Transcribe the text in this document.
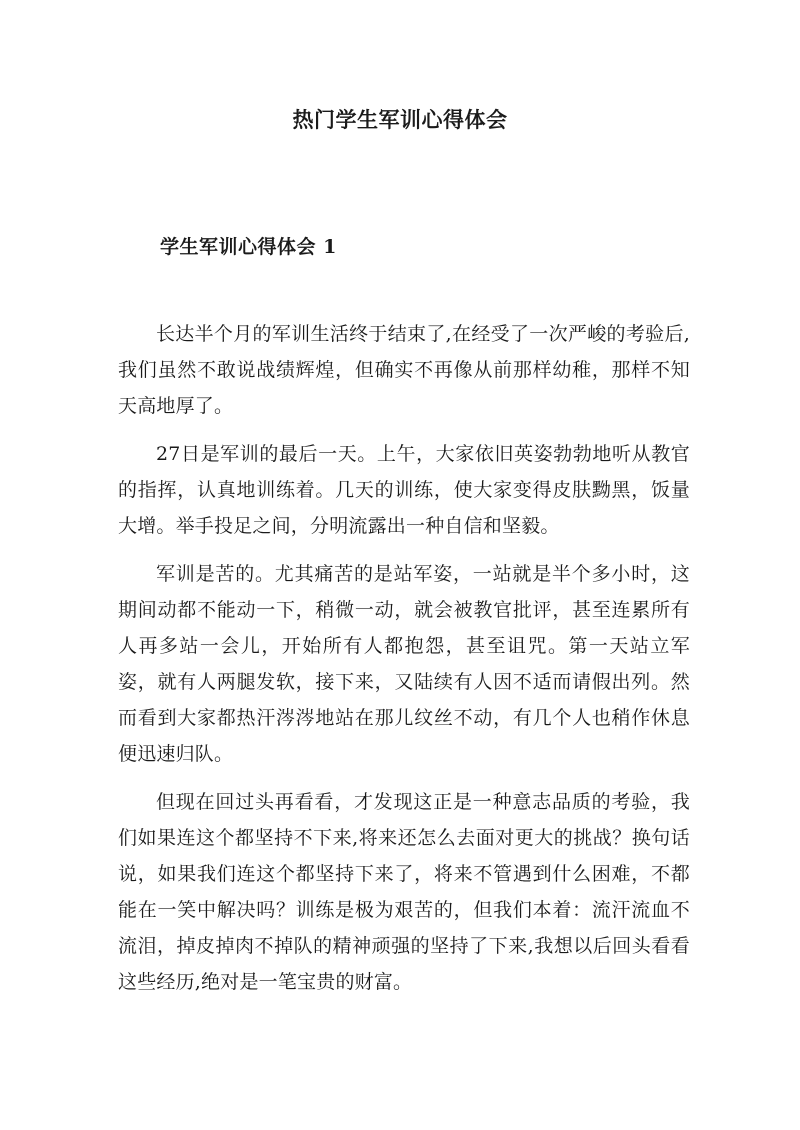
热门学生军训心得体会
学生军训心得体会 1

长达半个月的军训生活终于结束了,在经受了一次严峻的考验后,我们虽然不敢说战绩辉煌，但确实不再像从前那样幼稚，那样不知天高地厚了。

27日是军训的最后一天。上午，大家依旧英姿勃勃地听从教官的指挥，认真地训练着。几天的训练，使大家变得皮肤黝黑，饭量大增。举手投足之间，分明流露出一种自信和坚毅。

军训是苦的。尤其痛苦的是站军姿，一站就是半个多小时，这期间动都不能动一下，稍微一动，就会被教官批评，甚至连累所有人再多站一会儿，开始所有人都抱怨，甚至诅咒。第一天站立军姿，就有人两腿发软，接下来，又陆续有人因不适而请假出列。然而看到大家都热汗涔涔地站在那儿纹丝不动，有几个人也稍作休息便迅速归队。

但现在回过头再看看，才发现这正是一种意志品质的考验，我们如果连这个都坚持不下来,将来还怎么去面对更大的挑战？换句话说，如果我们连这个都坚持下来了，将来不管遇到什么困难，不都能在一笑中解决吗？训练是极为艰苦的，但我们本着：流汗流血不流泪，掉皮掉肉不掉队的精神顽强的坚持了下来,我想以后回头看看这些经历,绝对是一笔宝贵的财富。
